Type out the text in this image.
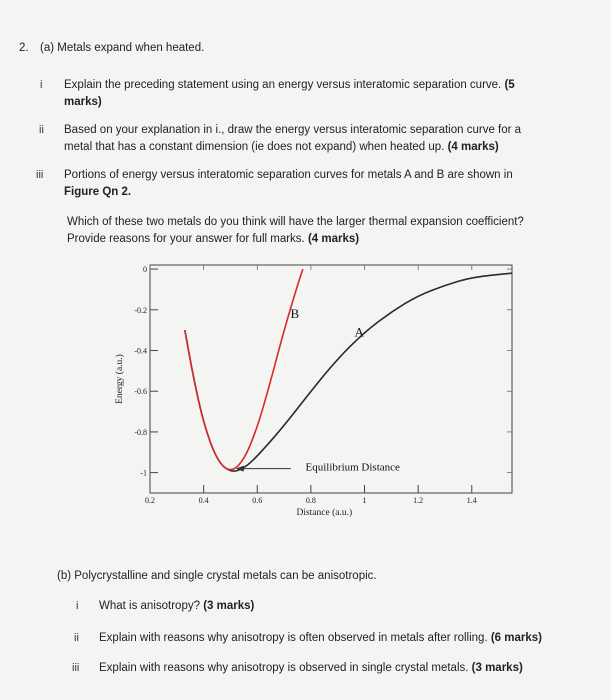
2. (a) Metals expand when heated.
i Explain the preceding statement using an energy versus interatomic separation curve. (5
marks)
ii Based on your explanation in i., draw the energy versus interatomic separation curve for a
metal that has a constant dimension (ie does not expand) when heated up. (4 marks)
iii Portions of energy versus interatomic separation curves for metals A and B are shown in
Figure Qn 2.
Which of these two metals do you think will have the larger thermal expansion coefficient?
Provide reasons for your answer for full marks. (4 marks)
0
-0.2
-0.4
-0.6
-0.8
-1
0.2	0.4	0.6	0.8	1	1.2	1.4
Distance (a.u.)
Energy (a.u.)
B
A
Equilibrium Distance
(b) Polycrystalline and single crystal metals can be anisotropic.
i What is anisotropy? (3 marks)
ii Explain with reasons why anisotropy is often observed in metals after rolling. (6 marks)
iii Explain with reasons why anisotropy is observed in single crystal metals. (3 marks)
